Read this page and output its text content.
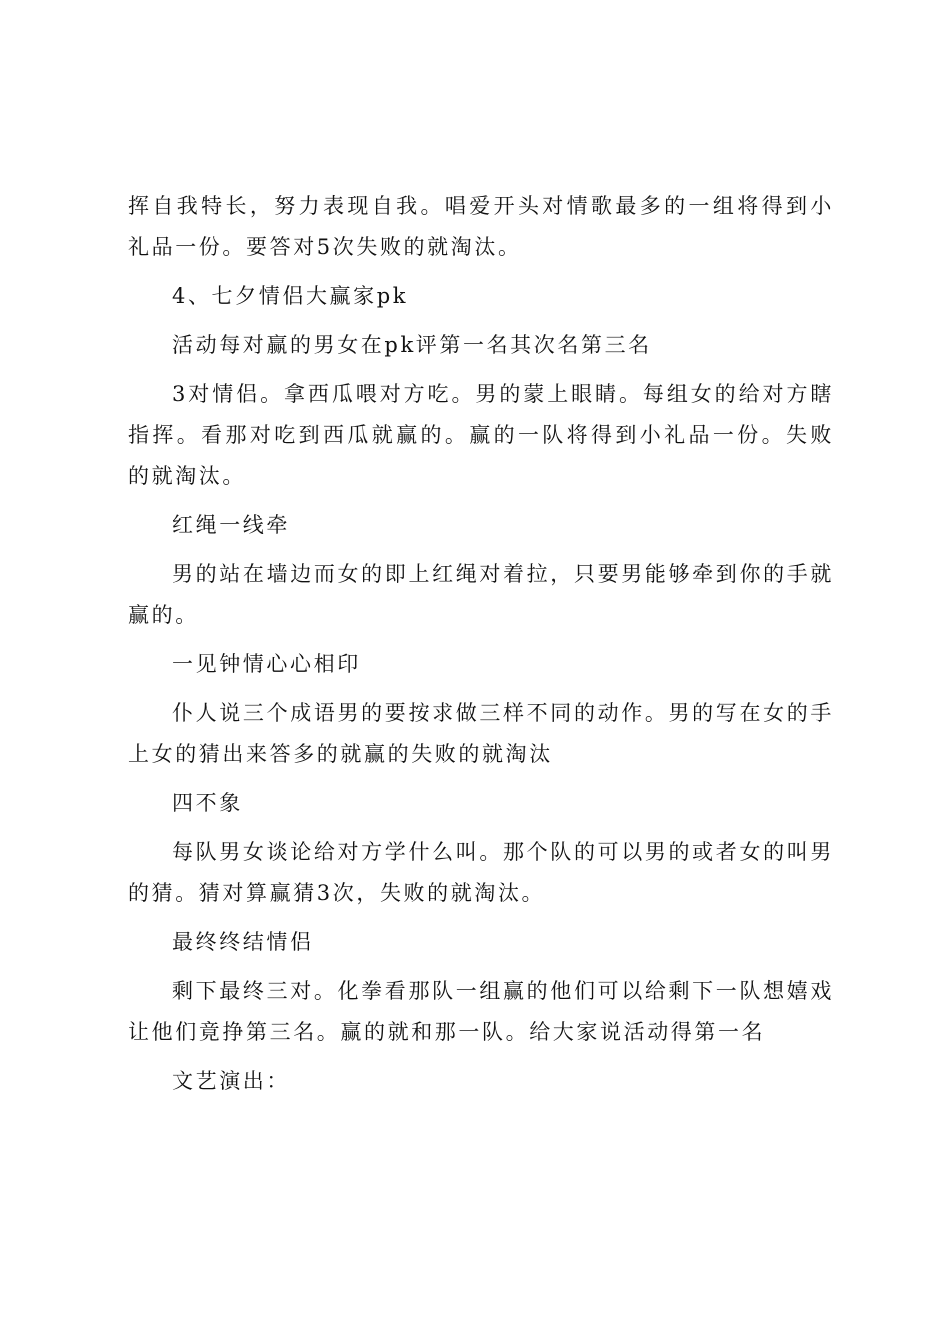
挥自我特长，努力表现自我。唱爱开头对情歌最多的一组将得到小礼品一份。要答对5次失败的就淘汰。

4、七夕情侣大赢家pk

活动每对赢的男女在pk评第一名其次名第三名

3对情侣。拿西瓜喂对方吃。男的蒙上眼睛。每组女的给对方瞎指挥。看那对吃到西瓜就赢的。赢的一队将得到小礼品一份。失败的就淘汰。

红绳一线牵

男的站在墙边而女的即上红绳对着拉，只要男能够牵到你的手就赢的。

一见钟情心心相印

仆人说三个成语男的要按求做三样不同的动作。男的写在女的手上女的猜出来答多的就赢的失败的就淘汰

四不象

每队男女谈论给对方学什么叫。那个队的可以男的或者女的叫男的猜。猜对算赢猜3次，失败的就淘汰。

最终终结情侣

剩下最终三对。化拳看那队一组赢的他们可以给剩下一队想嬉戏让他们竟挣第三名。赢的就和那一队。给大家说活动得第一名

文艺演出：
